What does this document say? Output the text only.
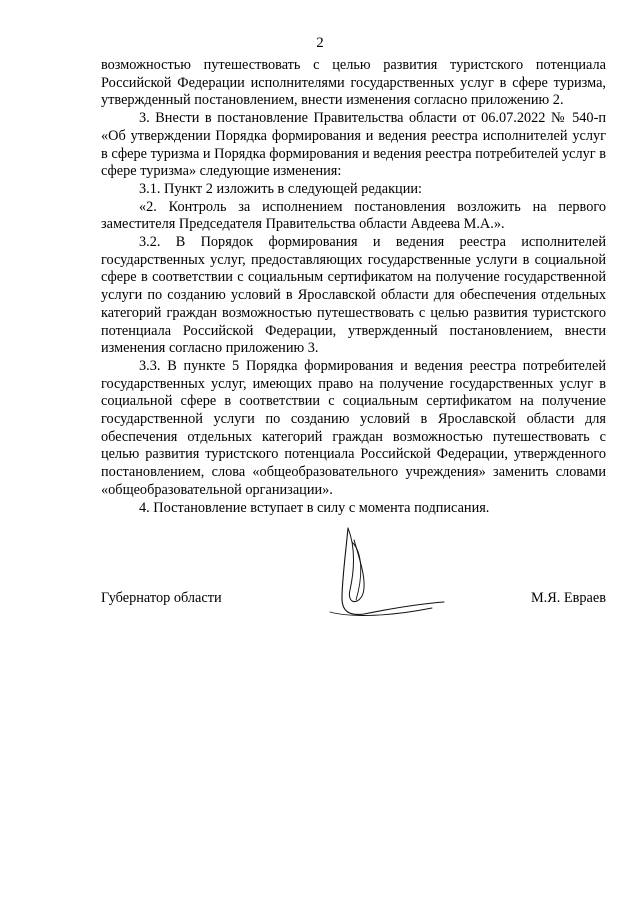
2

возможностью путешествовать с целью развития туристского потенциала Российской Федерации исполнителями государственных услуг в сфере туризма, утвержденный постановлением, внести изменения согласно приложению 2.

3. Внести в постановление Правительства области от 06.07.2022 № 540-п «Об утверждении Порядка формирования и ведения реестра исполнителей услуг в сфере туризма и Порядка формирования и ведения реестра потребителей услуг в сфере туризма» следующие изменения:

3.1. Пункт 2 изложить в следующей редакции:

«2. Контроль за исполнением постановления возложить на первого заместителя Председателя Правительства области Авдеева М.А.».

3.2. В Порядок формирования и ведения реестра исполнителей государственных услуг, предоставляющих государственные услуги в социальной сфере в соответствии с социальным сертификатом на получение государственной услуги по созданию условий в Ярославской области для обеспечения отдельных категорий граждан возможностью путешествовать с целью развития туристского потенциала Российской Федерации, утвержденный постановлением, внести изменения согласно приложению 3.

3.3. В пункте 5 Порядка формирования и ведения реестра потребителей государственных услуг, имеющих право на получение государственных услуг в социальной сфере в соответствии с социальным сертификатом на получение государственной услуги по созданию условий в Ярославской области для обеспечения отдельных категорий граждан возможностью путешествовать с целью развития туристского потенциала Российской Федерации, утвержденного постановлением, слова «общеобразовательного учреждения» заменить словами «общеобразовательной организации».

4. Постановление вступает в силу с момента подписания.

Губернатор области	М.Я. Евраев
